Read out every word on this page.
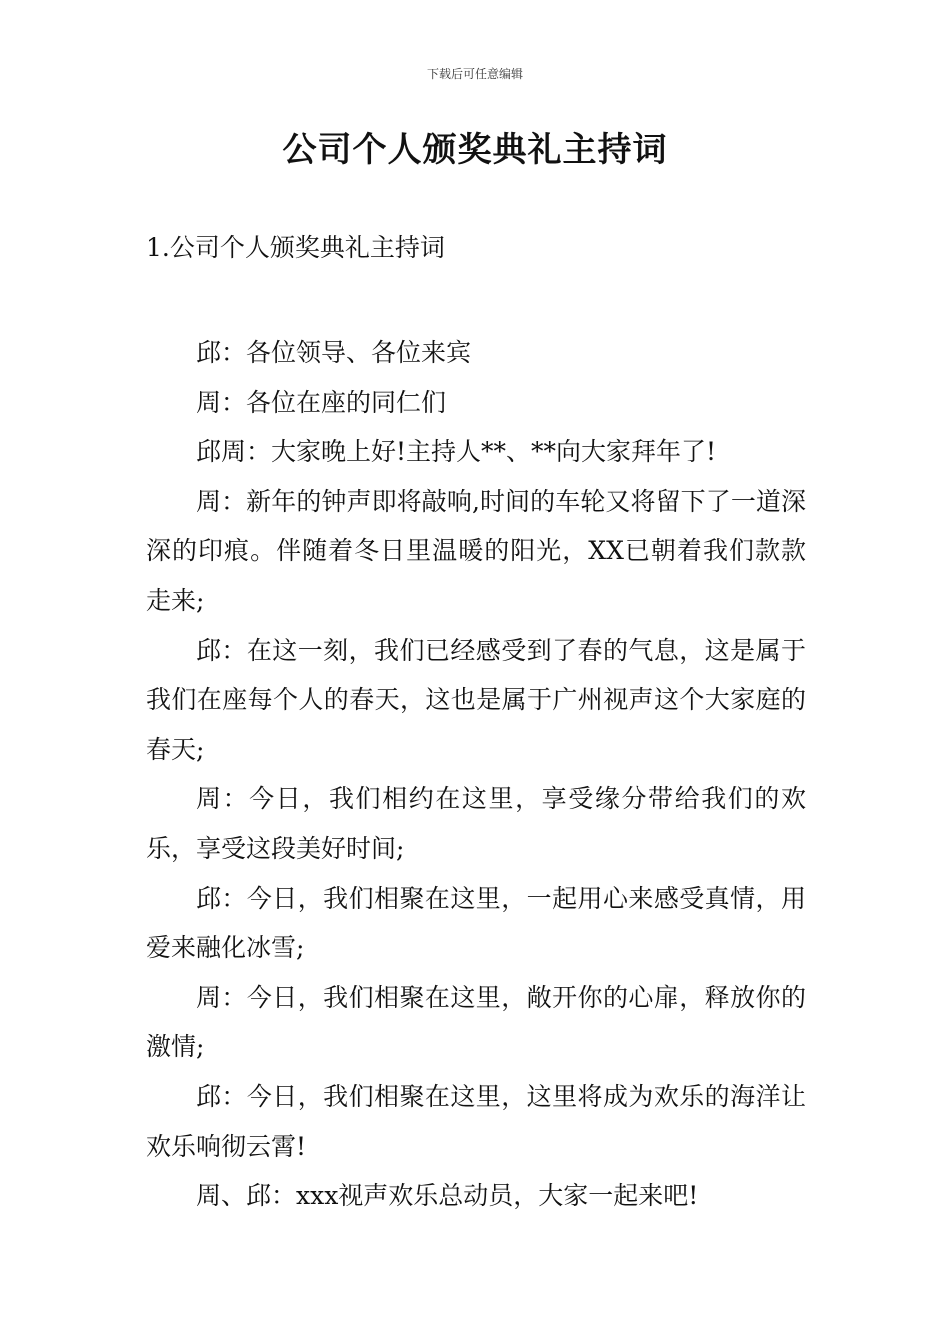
下载后可任意编辑
公司个人颁奖典礼主持词
1.公司个人颁奖典礼主持词

邱：各位领导、各位来宾

周：各位在座的同仁们

邱周：大家晚上好!主持人**、**向大家拜年了!

周：新年的钟声即将敲响,时间的车轮又将留下了一道深深的印痕。伴随着冬日里温暖的阳光，XX已朝着我们款款走来;

邱：在这一刻，我们已经感受到了春的气息，这是属于我们在座每个人的春天，这也是属于广州视声这个大家庭的春天;

周：今日，我们相约在这里，享受缘分带给我们的欢乐，享受这段美好时间;

邱：今日，我们相聚在这里，一起用心来感受真情，用爱来融化冰雪;

周：今日，我们相聚在这里，敞开你的心扉，释放你的激情;

邱：今日，我们相聚在这里，这里将成为欢乐的海洋让欢乐响彻云霄!

周、邱：xxx视声欢乐总动员，大家一起来吧!
